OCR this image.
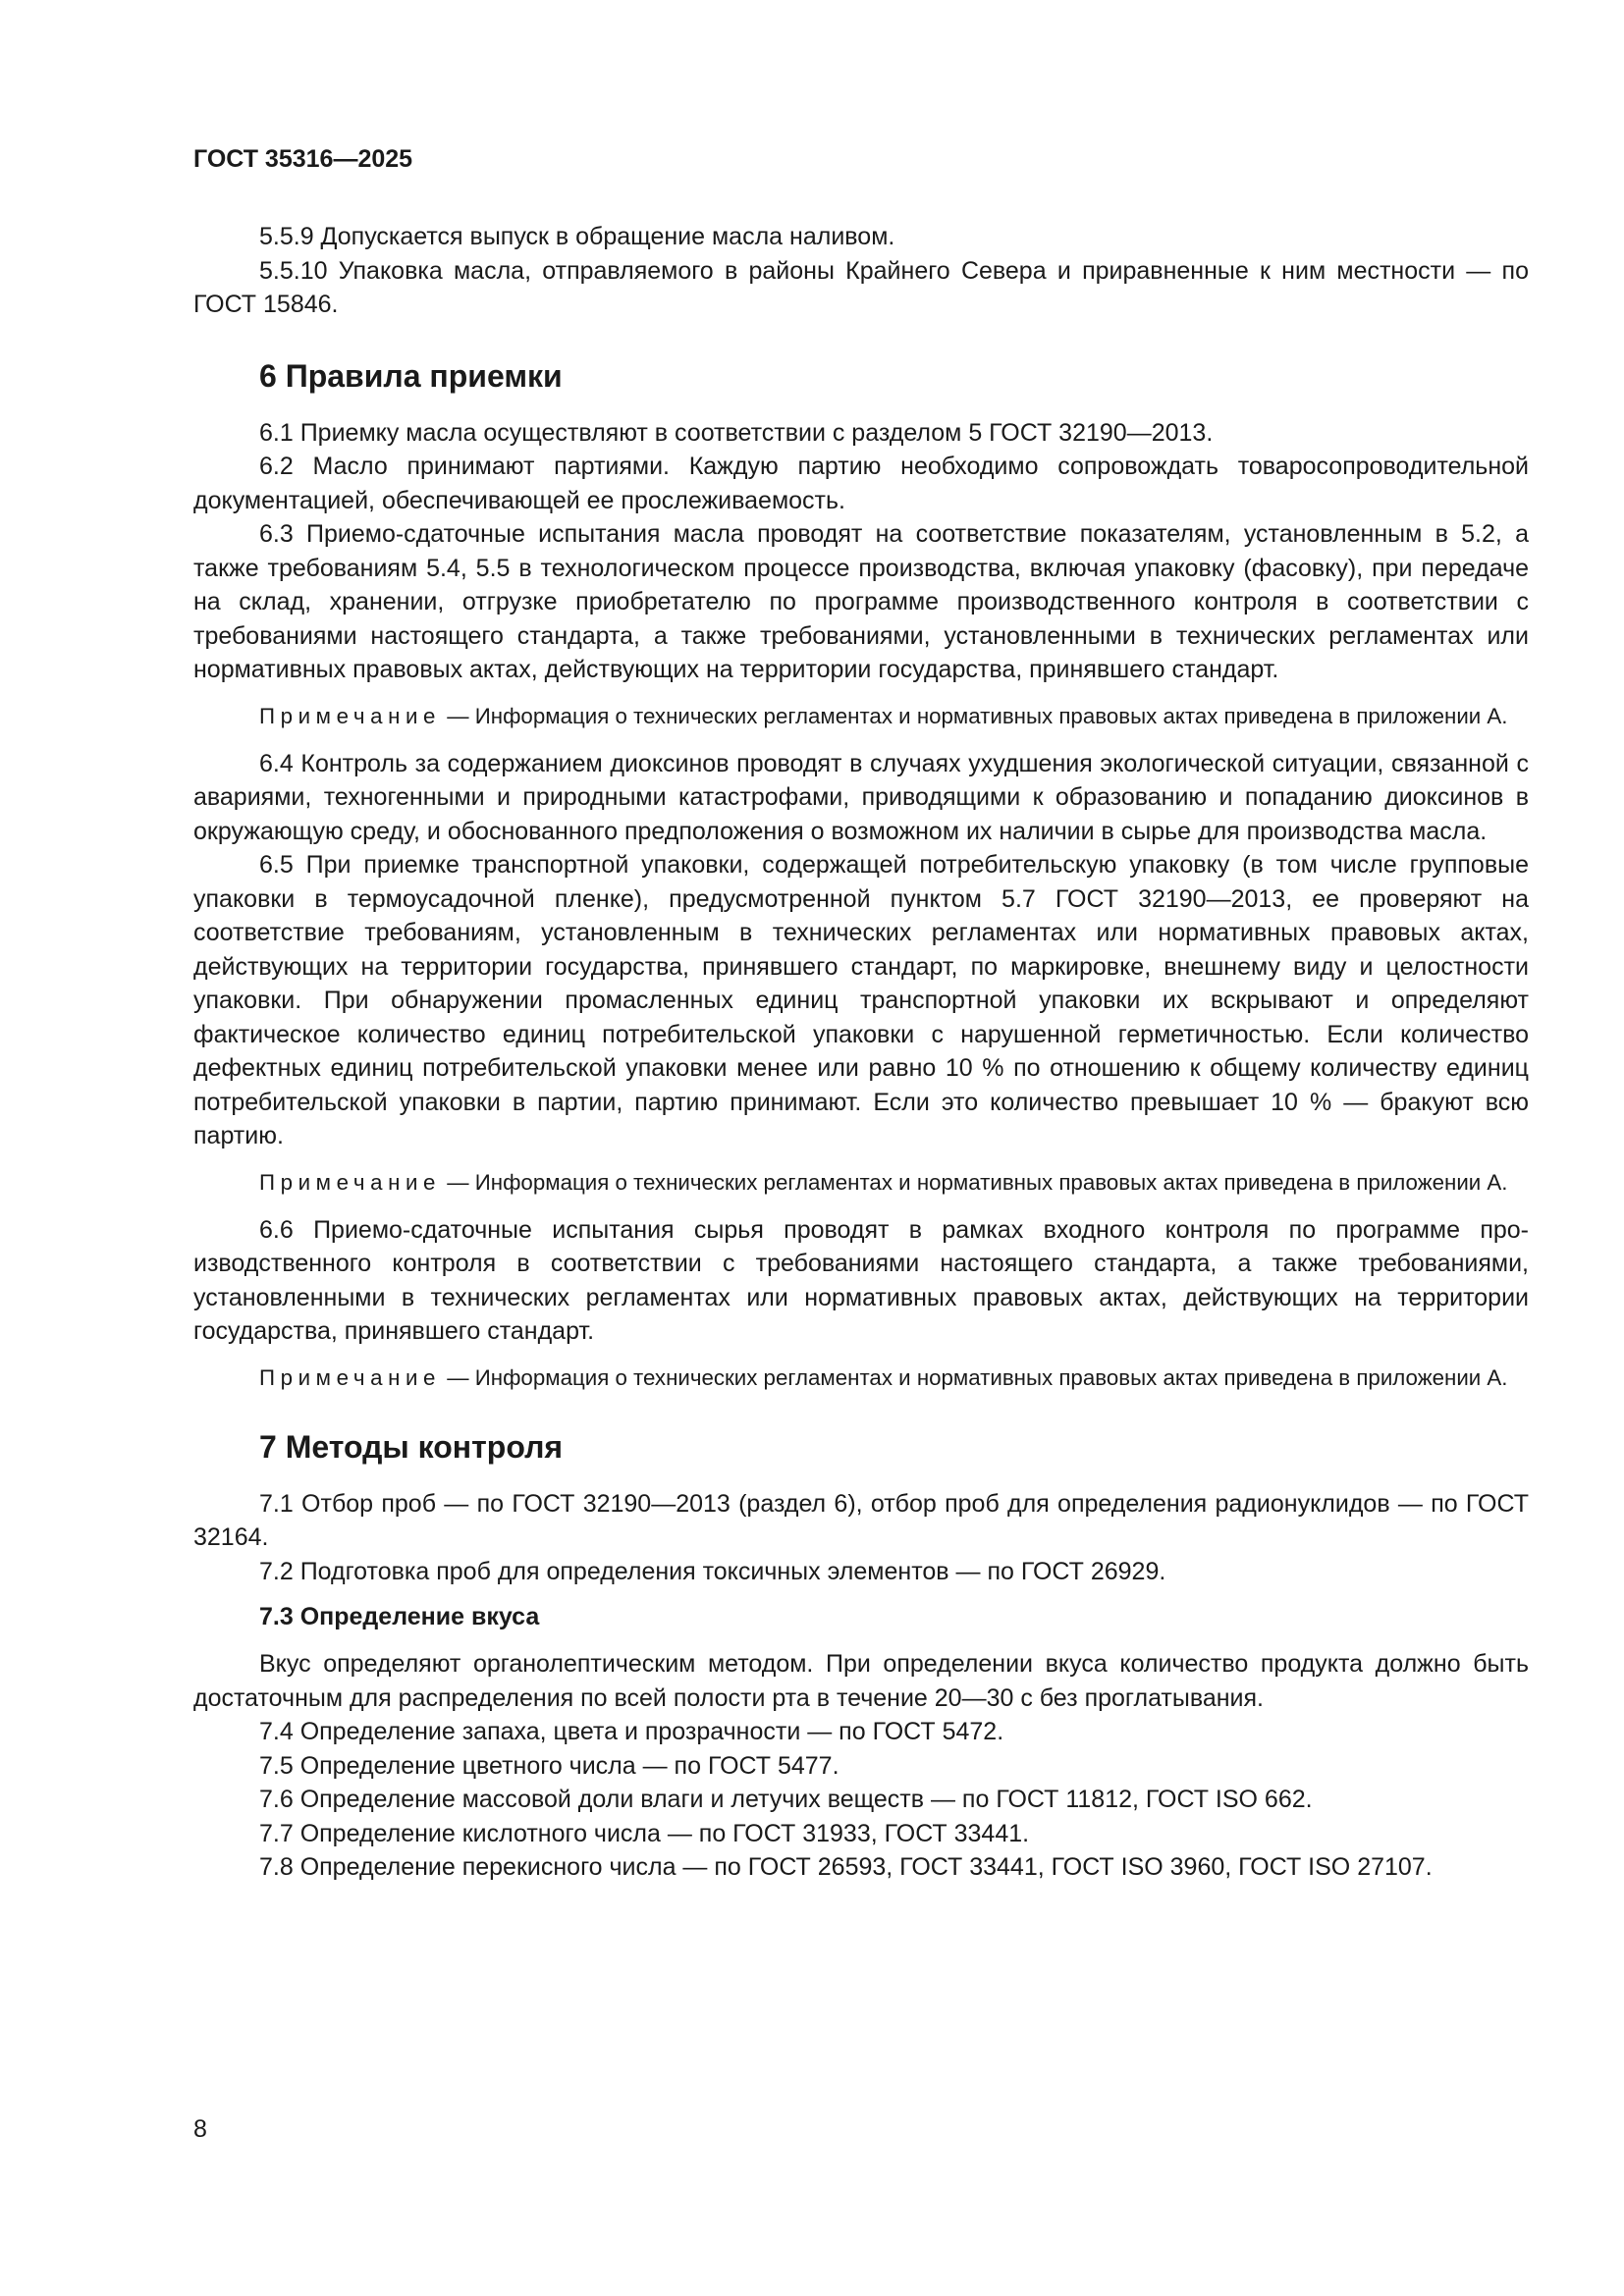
ГОСТ 35316—2025

5.5.9 Допускается выпуск в обращение масла наливом.

5.5.10 Упаковка масла, отправляемого в районы Крайнего Севера и приравненные к ним местности — по ГОСТ 15846.

6 Правила приемки

6.1 Приемку масла осуществляют в соответствии с разделом 5 ГОСТ 32190—2013.

6.2 Масло принимают партиями. Каждую партию необходимо сопровождать товаросопроводительной документацией, обеспечивающей ее прослеживаемость.

6.3 Приемо-сдаточные испытания масла проводят на соответствие показателям, установленным в 5.2, а также требованиям 5.4, 5.5 в технологическом процессе производства, включая упаковку (фасовку), при передаче на склад, хранении, отгрузке приобретателю по программе производственного контроля в соответствии с требованиями настоящего стандарта, а также требованиями, установленными в технических регламентах или нормативных правовых актах, действующих на территории государства, принявшего стандарт.

Примечание — Информация о технических регламентах и нормативных правовых актах приведена в приложении А.

6.4 Контроль за содержанием диоксинов проводят в случаях ухудшения экологической ситуации, связанной с авариями, техногенными и природными катастрофами, приводящими к образованию и попаданию диоксинов в окружающую среду, и обоснованного предположения о возможном их наличии в сырье для производства масла.

6.5 При приемке транспортной упаковки, содержащей потребительскую упаковку (в том числе групповые упаковки в термоусадочной пленке), предусмотренной пунктом 5.7 ГОСТ 32190—2013, ее проверяют на соответствие требованиям, установленным в технических регламентах или нормативных правовых актах, действующих на территории государства, принявшего стандарт, по маркировке, внешнему виду и целостности упаковки. При обнаружении промасленных единиц транспортной упаковки их вскрывают и определяют фактическое количество единиц потребительской упаковки с нарушенной герметичностью. Если количество дефектных единиц потребительской упаковки менее или равно 10 % по отношению к общему количеству единиц потребительской упаковки в партии, партию принимают. Если это количество превышает 10 % — бракуют всю партию.

Примечание — Информация о технических регламентах и нормативных правовых актах приведена в приложении А.

6.6 Приемо-сдаточные испытания сырья проводят в рамках входного контроля по программе производственного контроля в соответствии с требованиями настоящего стандарта, а также требованиями, установленными в технических регламентах или нормативных правовых актах, действующих на территории государства, принявшего стандарт.

Примечание — Информация о технических регламентах и нормативных правовых актах приведена в приложении А.

7 Методы контроля

7.1 Отбор проб — по ГОСТ 32190—2013 (раздел 6), отбор проб для определения радионуклидов — по ГОСТ 32164.

7.2 Подготовка проб для определения токсичных элементов — по ГОСТ 26929.

7.3 Определение вкуса

Вкус определяют органолептическим методом. При определении вкуса количество продукта должно быть достаточным для распределения по всей полости рта в течение 20—30 с без проглатывания.

7.4 Определение запаха, цвета и прозрачности — по ГОСТ 5472.

7.5 Определение цветного числа — по ГОСТ 5477.

7.6 Определение массовой доли влаги и летучих веществ — по ГОСТ 11812, ГОСТ ISO 662.

7.7 Определение кислотного числа — по ГОСТ 31933, ГОСТ 33441.

7.8 Определение перекисного числа — по ГОСТ 26593, ГОСТ 33441, ГОСТ ISO 3960, ГОСТ ISO 27107.

8
